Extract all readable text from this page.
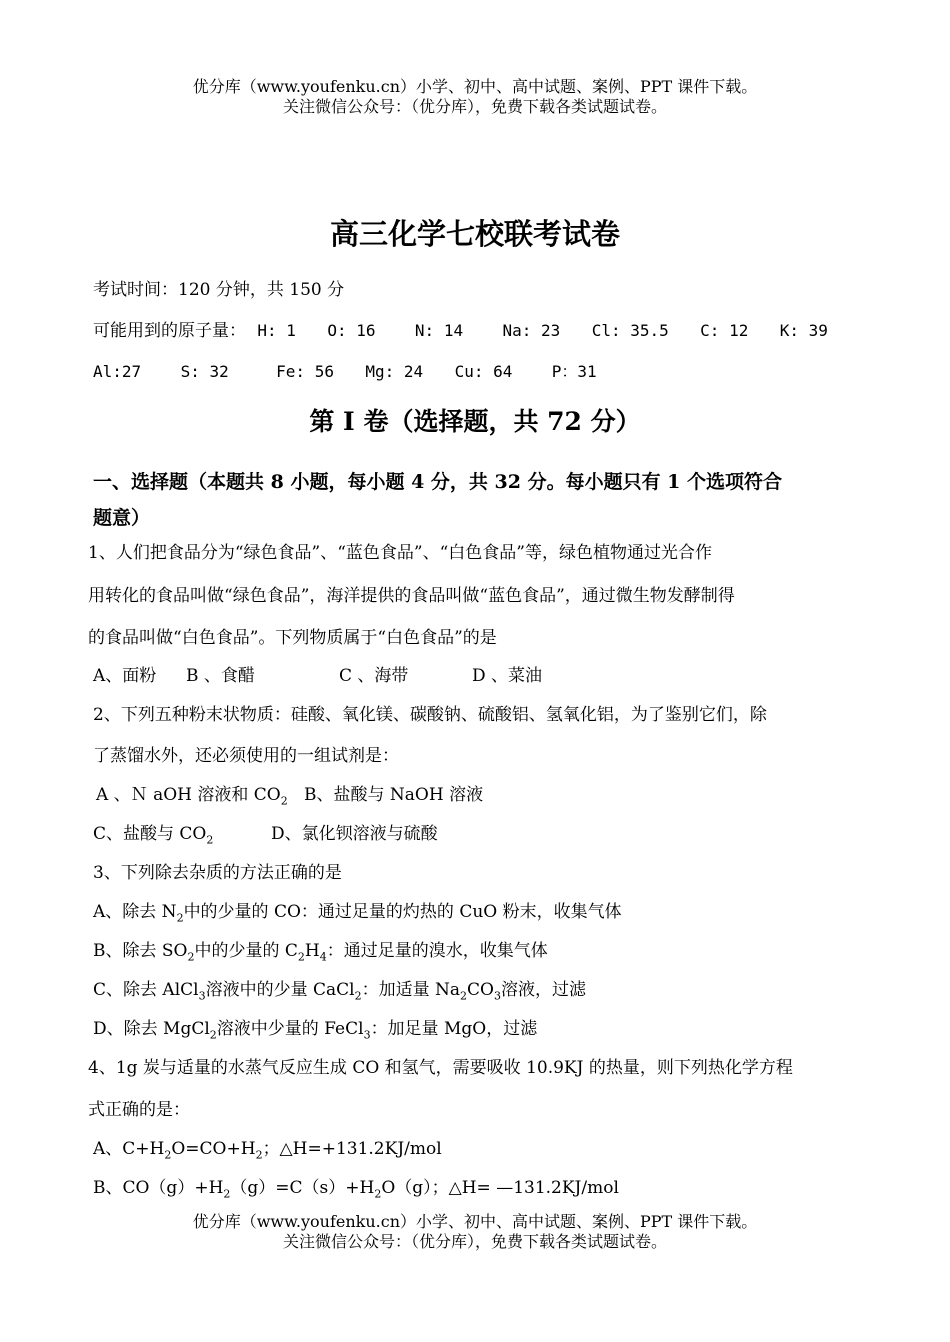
优分库（www.youfenku.cn）小学、初中、高中试题、案例、PPT 课件下载。
关注微信公众号：（优分库），免费下载各类试题试卷。
高三化学七校联考试卷
考试时间：120 分钟，共 150 分
可能用到的原子量： H: 1 O: 16 N: 14 Na: 23 Cl: 35.5 C: 12 K: 39
Al:27 S: 32	Fe: 56 Mg: 24 Cu: 64 P：31
第 I 卷（选择题，共 72 分）
一、选择题（本题共 8 小题，每小题 4 分，共 32 分。每小题只有 1 个选项符合
题意）
1、人们把食品分为“绿色食品”、“蓝色食品”、“白色食品”等，绿色植物通过光合作
用转化的食品叫做“绿色食品”，海洋提供的食品叫做“蓝色食品”，通过微生物发酵制得
的食品叫做“白色食品”。下列物质属于“白色食品”的是
A、面粉 B 、食醋	C 、海带	D 、菜油
2、下列五种粉末状物质：硅酸、氧化镁、碳酸钠、硫酸铝、氢氧化铝，为了鉴别它们，除
了蒸馏水外，还必须使用的一组试剂是：
A 、Ｎ aOH 溶液和 $CO_2$ B、盐酸与 NaOH 溶液
C、盐酸与 $CO_2$	D、氯化钡溶液与硫酸
3、下列除去杂质的方法正确的是
A、除去 $N_2$中的少量的 CO：通过足量的灼热的 CuO 粉末，收集气体
B、除去 $SO_2$中的少量的 $C_2H_4$：通过足量的溴水，收集气体
C、除去 AlCl$_3$溶液中的少量 CaCl$_2$：加适量 $Na_2CO_3$溶液，过滤
D、除去 MgCl$_2$溶液中少量的 FeCl$_3$：加足量 MgO，过滤
4、1g 炭与适量的水蒸气反应生成 CO 和氢气，需要吸收 10.9KJ 的热量，则下列热化学方程
式正确的是：
A、$C+H_2O=CO+H_2$；△H=+131.2KJ/mol
B、$CO(g)+H_2(g)=C(s)+H_2O(g)$；△H= —131.2KJ/mol
优分库（www.youfenku.cn）小学、初中、高中试题、案例、PPT 课件下载。
关注微信公众号：（优分库），免费下载各类试题试卷。
